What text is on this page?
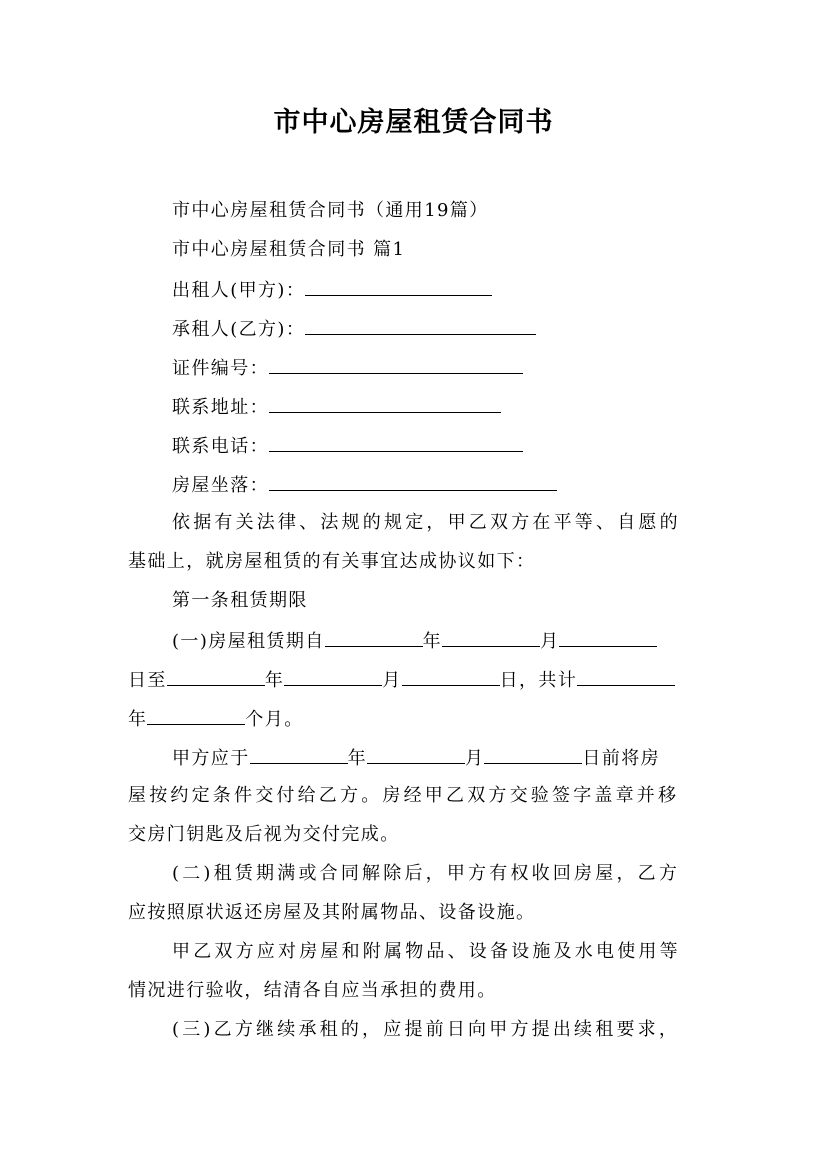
市中心房屋租赁合同书
市中心房屋租赁合同书（通用19篇）
市中心房屋租赁合同书 篇1
出租人(甲方)：
承租人(乙方)：
证件编号：
联系地址：
联系电话：
房屋坐落：
依据有关法律、法规的规定，甲乙双方在平等、自愿的
基础上，就房屋租赁的有关事宜达成协议如下：
第一条租赁期限
(一)房屋租赁期自	年	月
日至	年	月	日，共计
年	个月。
甲方应于	年	月	日前将房
屋按约定条件交付给乙方。房经甲乙双方交验签字盖章并移
交房门钥匙及后视为交付完成。
(二)租赁期满或合同解除后，甲方有权收回房屋，乙方
应按照原状返还房屋及其附属物品、设备设施。
甲乙双方应对房屋和附属物品、设备设施及水电使用等
情况进行验收，结清各自应当承担的费用。
(三)乙方继续承租的，应提前日向甲方提出续租要求，
